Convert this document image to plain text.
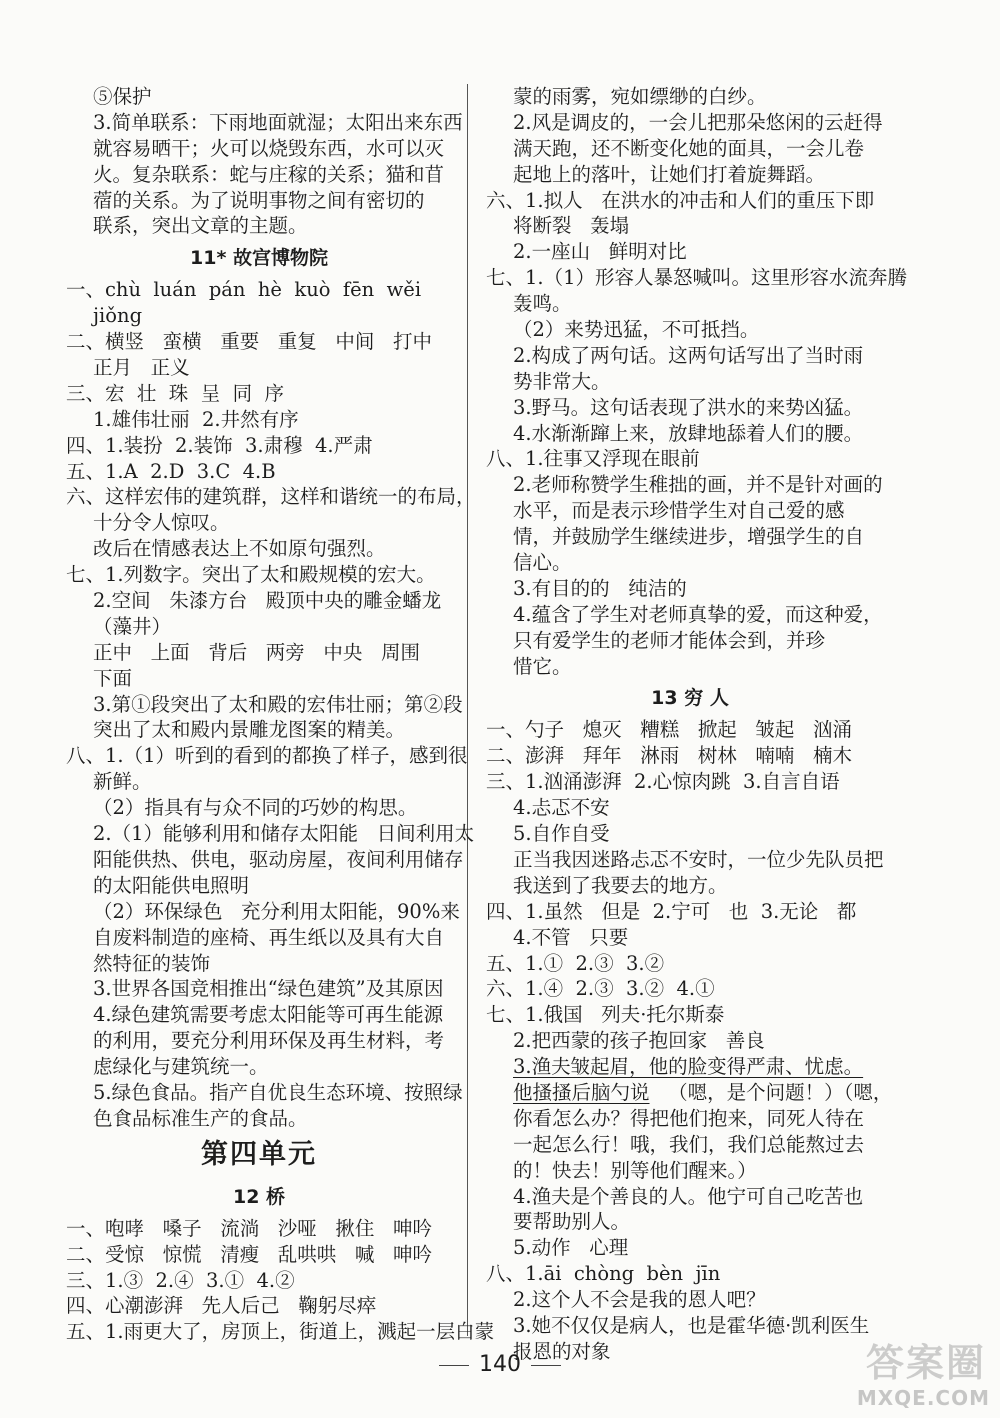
⑤保护
3.简单联系：下雨地面就湿；太阳出来东西
就容易晒干；火可以烧毁东西，水可以灭
火。复杂联系：蛇与庄稼的关系；猫和苜
蓿的关系。为了说明事物之间有密切的
联系，突出文章的主题。
11* 故宫博物院
一、chù  luán  pán  hè  kuò  fēn  wěi
jiǒng
二、横竖   蛮横   重要   重复   中间   打中
正月   正义
三、宏  壮  珠  呈  同  序
1.雄伟壮丽  2.井然有序
四、1.装扮  2.装饰  3.肃穆  4.严肃
五、1.A  2.D  3.C  4.B
六、这样宏伟的建筑群，这样和谐统一的布局，
十分令人惊叹。
改后在情感表达上不如原句强烈。
七、1.列数字。突出了太和殿规模的宏大。
2.空间   朱漆方台   殿顶中央的雕金蟠龙
（藻井）
正中   上面   背后   两旁   中央   周围
下面
3.第①段突出了太和殿的宏伟壮丽；第②段
突出了太和殿内景雕龙图案的精美。
八、1.（1）听到的看到的都换了样子，感到很
新鲜。
（2）指具有与众不同的巧妙的构思。
2.（1）能够利用和储存太阳能   日间利用太
阳能供热、供电，驱动房屋，夜间利用储存
的太阳能供电照明
（2）环保绿色   充分利用太阳能，90%来
自废料制造的座椅、再生纸以及具有大自
然特征的装饰
3.世界各国竞相推出“绿色建筑”及其原因
4.绿色建筑需要考虑太阳能等可再生能源
的利用，要充分利用环保及再生材料，考
虑绿化与建筑统一。
5.绿色食品。指产自优良生态环境、按照绿
色食品标准生产的食品。
第四单元
12 桥
一、咆哮   嗓子   流淌   沙哑   揪住   呻吟
二、受惊   惊慌   清瘦   乱哄哄   喊   呻吟
三、1.③  2.④  3.①  4.②
四、心潮澎湃   先人后己   鞠躬尽瘁
五、1.雨更大了，房顶上，街道上，溅起一层白蒙
蒙的雨雾，宛如缥缈的白纱。
2.风是调皮的，一会儿把那朵悠闲的云赶得
满天跑，还不断变化她的面具，一会儿卷
起地上的落叶，让她们打着旋舞蹈。
六、1.拟人   在洪水的冲击和人们的重压下即
将断裂   轰塌
2.一座山   鲜明对比
七、1.（1）形容人暴怒喊叫。这里形容水流奔腾
轰鸣。
（2）来势迅猛，不可抵挡。
2.构成了两句话。这两句话写出了当时雨
势非常大。
3.野马。这句话表现了洪水的来势凶猛。
4.水渐渐蹿上来，放肆地舔着人们的腰。
八、1.往事又浮现在眼前
2.老师称赞学生稚拙的画，并不是针对画的
水平，而是表示珍惜学生对自己爱的感
情，并鼓励学生继续进步，增强学生的自
信心。
3.有目的的   纯洁的
4.蕴含了学生对老师真挚的爱，而这种爱，
只有爱学生的老师才能体会到，并珍
惜它。
13 穷 人
一、勺子   熄灭   糟糕   掀起   皱起   汹涌
二、澎湃   拜年   淋雨   树林   喃喃   楠木
三、1.汹涌澎湃  2.心惊肉跳  3.自言自语
4.忐忑不安
5.自作自受
正当我因迷路忐忑不安时，一位少先队员把
我送到了我要去的地方。
四、1.虽然   但是  2.宁可   也  3.无论   都
4.不管   只要
五、1.①  2.③  3.②
六、1.④  2.③  3.②  4.①
七、1.俄国   列夫·托尔斯泰
2.把西蒙的孩子抱回家   善良
3.渔夫皱起眉，他的脸变得严肃、忧虑。
他搔搔后脑勺说   （嗯，是个问题！）（嗯，
你看怎么办？得把他们抱来，同死人待在
一起怎么行！哦，我们，我们总能熬过去
的！快去！别等他们醒来。）
4.渔夫是个善良的人。他宁可自己吃苦也
要帮助别人。
5.动作   心理
八、1.āi  chòng  bèn  jīn
2.这个人不会是我的恩人吧？
3.她不仅仅是病人，也是霍华德·凯利医生
报恩的对象
140	答案圈
MXQE.COM
